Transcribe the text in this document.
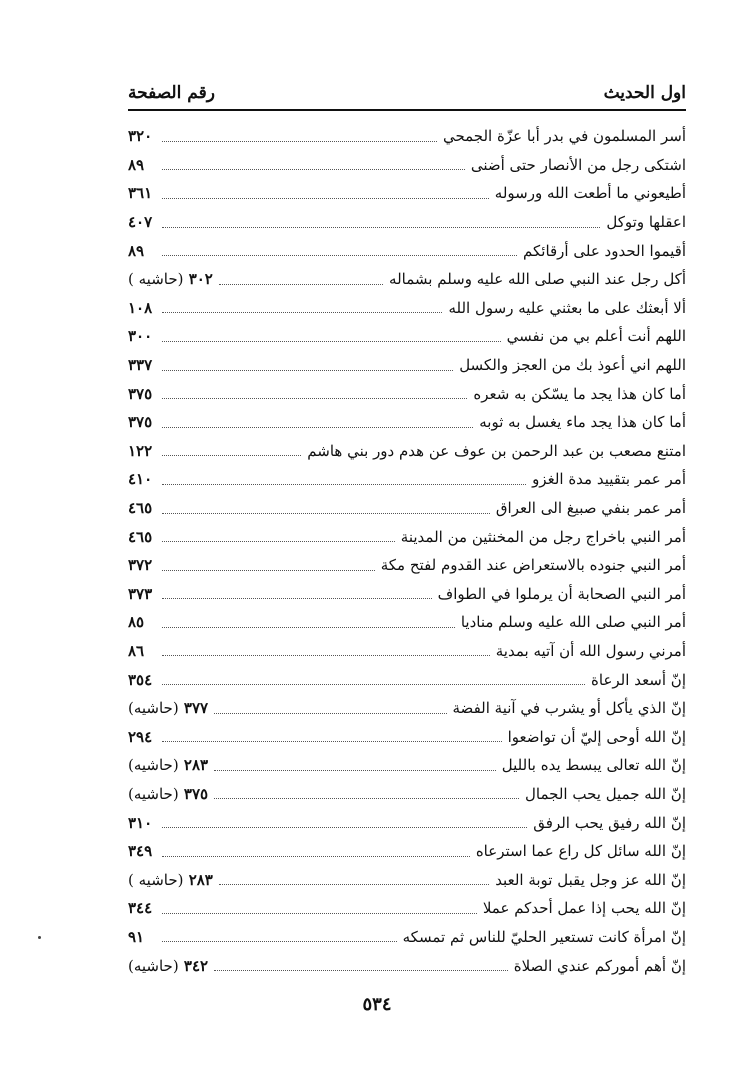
اول الحديث
رقم الصفحة
أسر المسلمون في بدر أبا عزّة الجمحي
٣٢٠
اشتكى رجل من الأنصار حتى أضنى
٨٩
أطيعوني ما أطعت الله ورسوله
٣٦١
اعقلها وتوكل
٤٠٧
أقيموا الحدود على أرقائكم
٨٩
أكل رجل عند النبي صلى الله عليه وسلم بشماله
٣٠٢ (حاشيه )
ألا أبعثك على ما بعثني عليه رسول الله
١٠٨
اللهم أنت أعلم بي من نفسي
٣٠٠
اللهم اني أعوذ بك من العجز والكسل
٣٣٧
أما كان هذا يجد ما يسّكن به شعره
٣٧٥
أما كان هذا يجد ماء يغسل به ثوبه
٣٧٥
امتنع مصعب بن عبد الرحمن بن عوف عن هدم دور بني هاشم
١٢٢
أمر عمر بتقييد مدة الغزو
٤١٠
أمر عمر بنفي صبيغ الى العراق
٤٦٥
أمر النبي باخراج رجل من المخنثين من المدينة
٤٦٥
أمر النبي جنوده بالاستعراض عند القدوم لفتح مكة
٣٧٢
أمر النبي الصحابة أن يرملوا في الطواف
٣٧٣
أمر النبي صلى الله عليه وسلم مناديا
٨٥
أمرني رسول الله أن آتيه بمدية
٨٦
إنّ أسعد الرعاة
٣٥٤
إنّ الذي يأكل أو يشرب في آنية الفضة
٣٧٧ (حاشيه)
إنّ الله أوحى إليّ أن تواضعوا
٢٩٤
إنّ الله تعالى يبسط يده بالليل
٢٨٣ (حاشيه)
إنّ الله جميل يحب الجمال
٣٧٥ (حاشيه)
إنّ الله رفيق يحب الرفق
٣١٠
إنّ الله سائل كل راع عما استرعاه
٣٤٩
إنّ الله عز وجل يقبل توبة العبد
٢٨٣ (حاشيه )
إنّ الله يحب إذا عمل أحدكم عملا
٣٤٤
إنّ امرأة كانت تستعير الحليّ للناس ثم تمسكه
٩١
إنّ أهم أموركم عندي الصلاة
٣٤٢ (حاشيه)
٥٣٤
